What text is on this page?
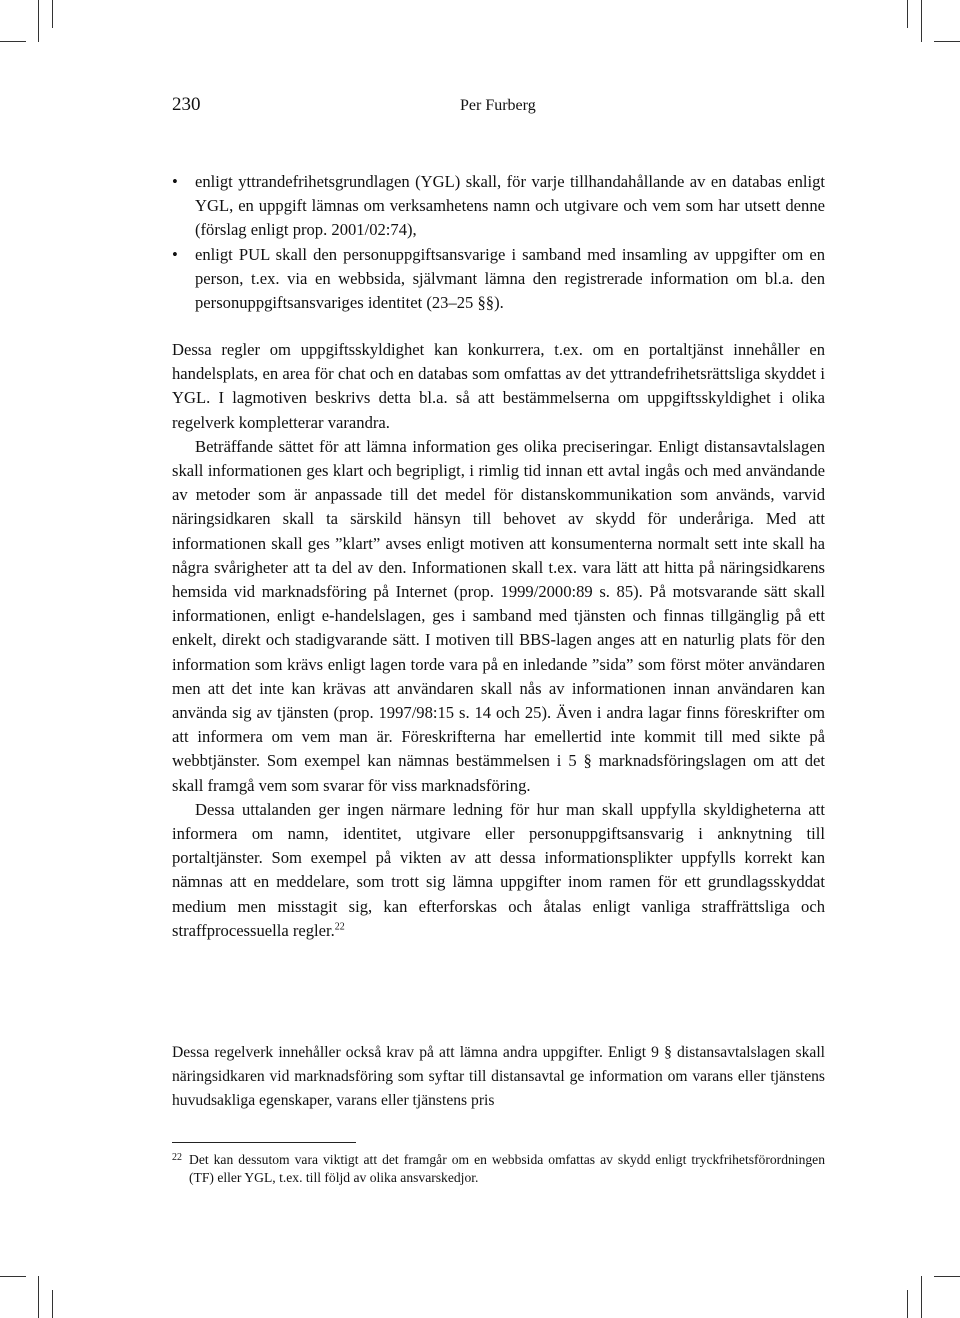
230	Per Furberg
• enligt yttrandefrihetsgrundlagen (YGL) skall, för varje tillhandahållande av en databas enligt YGL, en uppgift lämnas om verksamhetens namn och utgivare och vem som har utsett denne (förslag enligt prop. 2001/02:74),
• enligt PUL skall den personuppgiftsansvarige i samband med insamling av uppgifter om en person, t.ex. via en webbsida, självmant lämna den registrerade information om bl.a. den personuppgiftsansvariges identitet (23–25 §§).

Dessa regler om uppgiftsskyldighet kan konkurrera, t.ex. om en portaltjänst innehåller en handelsplats, en area för chat och en databas som omfattas av det yttrandefrihetsrättsliga skyddet i YGL. I lagmotiven beskrivs detta bl.a. så att bestämmelserna om uppgiftsskyldighet i olika regelverk kompletterar varandra.

Beträffande sättet för att lämna information ges olika preciseringar. Enligt distansavtalslagen skall informationen ges klart och begripligt, i rimlig tid innan ett avtal ingås och med användande av metoder som är anpassade till det medel för distanskommunikation som används, varvid näringsidkaren skall ta särskild hänsyn till behovet av skydd för underåriga. Med att informationen skall ges ”klart” avses enligt motiven att konsumenterna normalt sett inte skall ha några svårigheter att ta del av den. Informationen skall t.ex. vara lätt att hitta på näringsidkarens hemsida vid marknadsföring på Internet (prop. 1999/2000:89 s. 85). På motsvarande sätt skall informationen, enligt e-handelslagen, ges i samband med tjänsten och finnas tillgänglig på ett enkelt, direkt och stadigvarande sätt. I motiven till BBS-lagen anges att en naturlig plats för den information som krävs enligt lagen torde vara på en inledande ”sida” som först möter användaren men att det inte kan krävas att användaren skall nås av informationen innan användaren kan använda sig av tjänsten (prop. 1997/98:15 s. 14 och 25). Även i andra lagar finns föreskrifter om att informera om vem man är. Föreskrifterna har emellertid inte kommit till med sikte på webbtjänster. Som exempel kan nämnas bestämmelsen i 5 § marknadsföringslagen om att det skall framgå vem som svarar för viss marknadsföring.

Dessa uttalanden ger ingen närmare ledning för hur man skall uppfylla skyldigheterna att informera om namn, identitet, utgivare eller personuppgiftsansvarig i anknytning till portaltjänster. Som exempel på vikten av att dessa informationsplikter uppfylls korrekt kan nämnas att en meddelare, som trott sig lämna uppgifter inom ramen för ett grundlagsskyddat medium men misstagit sig, kan efterforskas och åtalas enligt vanliga straffrättsliga och straffprocessuella regler.$^{22}$

Dessa regelverk innehåller också krav på att lämna andra uppgifter. Enligt 9 § distansavtalslagen skall näringsidkaren vid marknadsföring som syftar till distansavtal ge information om varans eller tjänstens huvudsakliga egenskaper, varans eller tjänstens pris
22 Det kan dessutom vara viktigt att det framgår om en webbsida omfattas av skydd enligt tryckfrihetsförordningen (TF) eller YGL, t.ex. till följd av olika ansvarskedjor.
